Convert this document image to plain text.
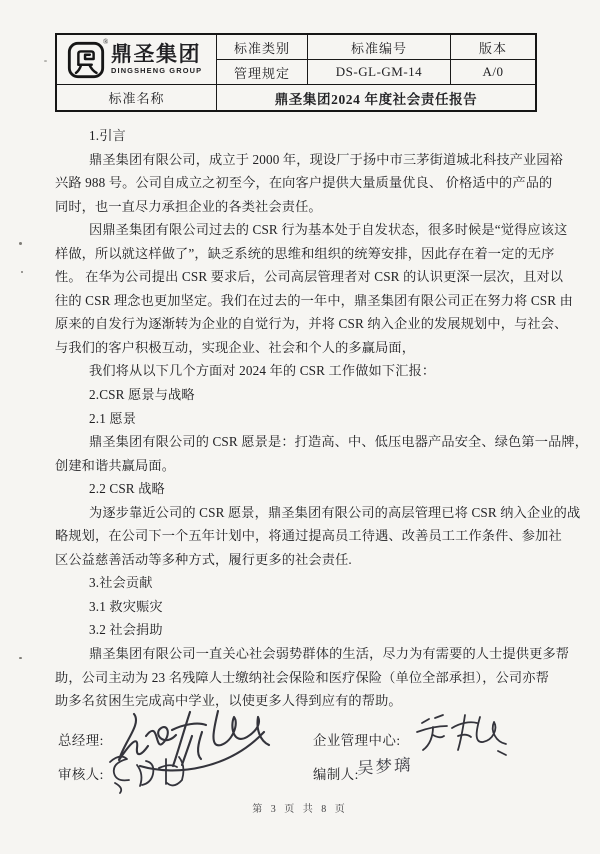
®
鼎圣集团
DINGSHENG GROUP
标准类别	标准编号	版本
管理规定	DS-GL-GM-14	A/0
标准名称	鼎圣集团2024 年度社会责任报告
1.引言
鼎圣集团有限公司，成立于 2000 年，现设厂于扬中市三茅街道城北科技产业园裕
兴路 988 号。公司自成立之初至今，在向客户提供大量质量优良、 价格适中的产品的
同时，也一直尽力承担企业的各类社会责任。
因鼎圣集团有限公司过去的 CSR 行为基本处于自发状态，很多时候是“觉得应该这
样做，所以就这样做了”，缺乏系统的思维和组织的统筹安排，因此存在着一定的无序
性。 在华为公司提出 CSR 要求后，公司高层管理者对 CSR 的认识更深一层次，且对以
往的 CSR 理念也更加坚定。我们在过去的一年中，鼎圣集团有限公司正在努力将 CSR 由
原来的自发行为逐渐转为企业的自觉行为，并将 CSR 纳入企业的发展规划中，与社会、
与我们的客户积极互动，实现企业、社会和个人的多赢局面，
我们将从以下几个方面对 2024 年的 CSR 工作做如下汇报：
2.CSR 愿景与战略
2.1 愿景
鼎圣集团有限公司的 CSR 愿景是：打造高、中、低压电器产品安全、绿色第一品牌，
创建和谐共赢局面。
2.2 CSR 战略
为逐步靠近公司的 CSR 愿景，鼎圣集团有限公司的高层管理已将 CSR 纳入企业的战
略规划，在公司下一个五年计划中，将通过提高员工待遇、改善员工工作条件、参加社
区公益慈善活动等多种方式，履行更多的社会责任.
3.社会贡献
3.1 救灾赈灾
3.2 社会捐助
鼎圣集团有限公司一直关心社会弱势群体的生活，尽力为有需要的人士提供更多帮
助，公司主动为 23 名残障人士缴纳社会保险和医疗保险（单位全部承担），公司亦帮
助多名贫困生完成高中学业，以使更多人得到应有的帮助。
总经理:	企业管理中心:
审核人:	编制人:
吴梦璃
第 3 页 共 8 页
